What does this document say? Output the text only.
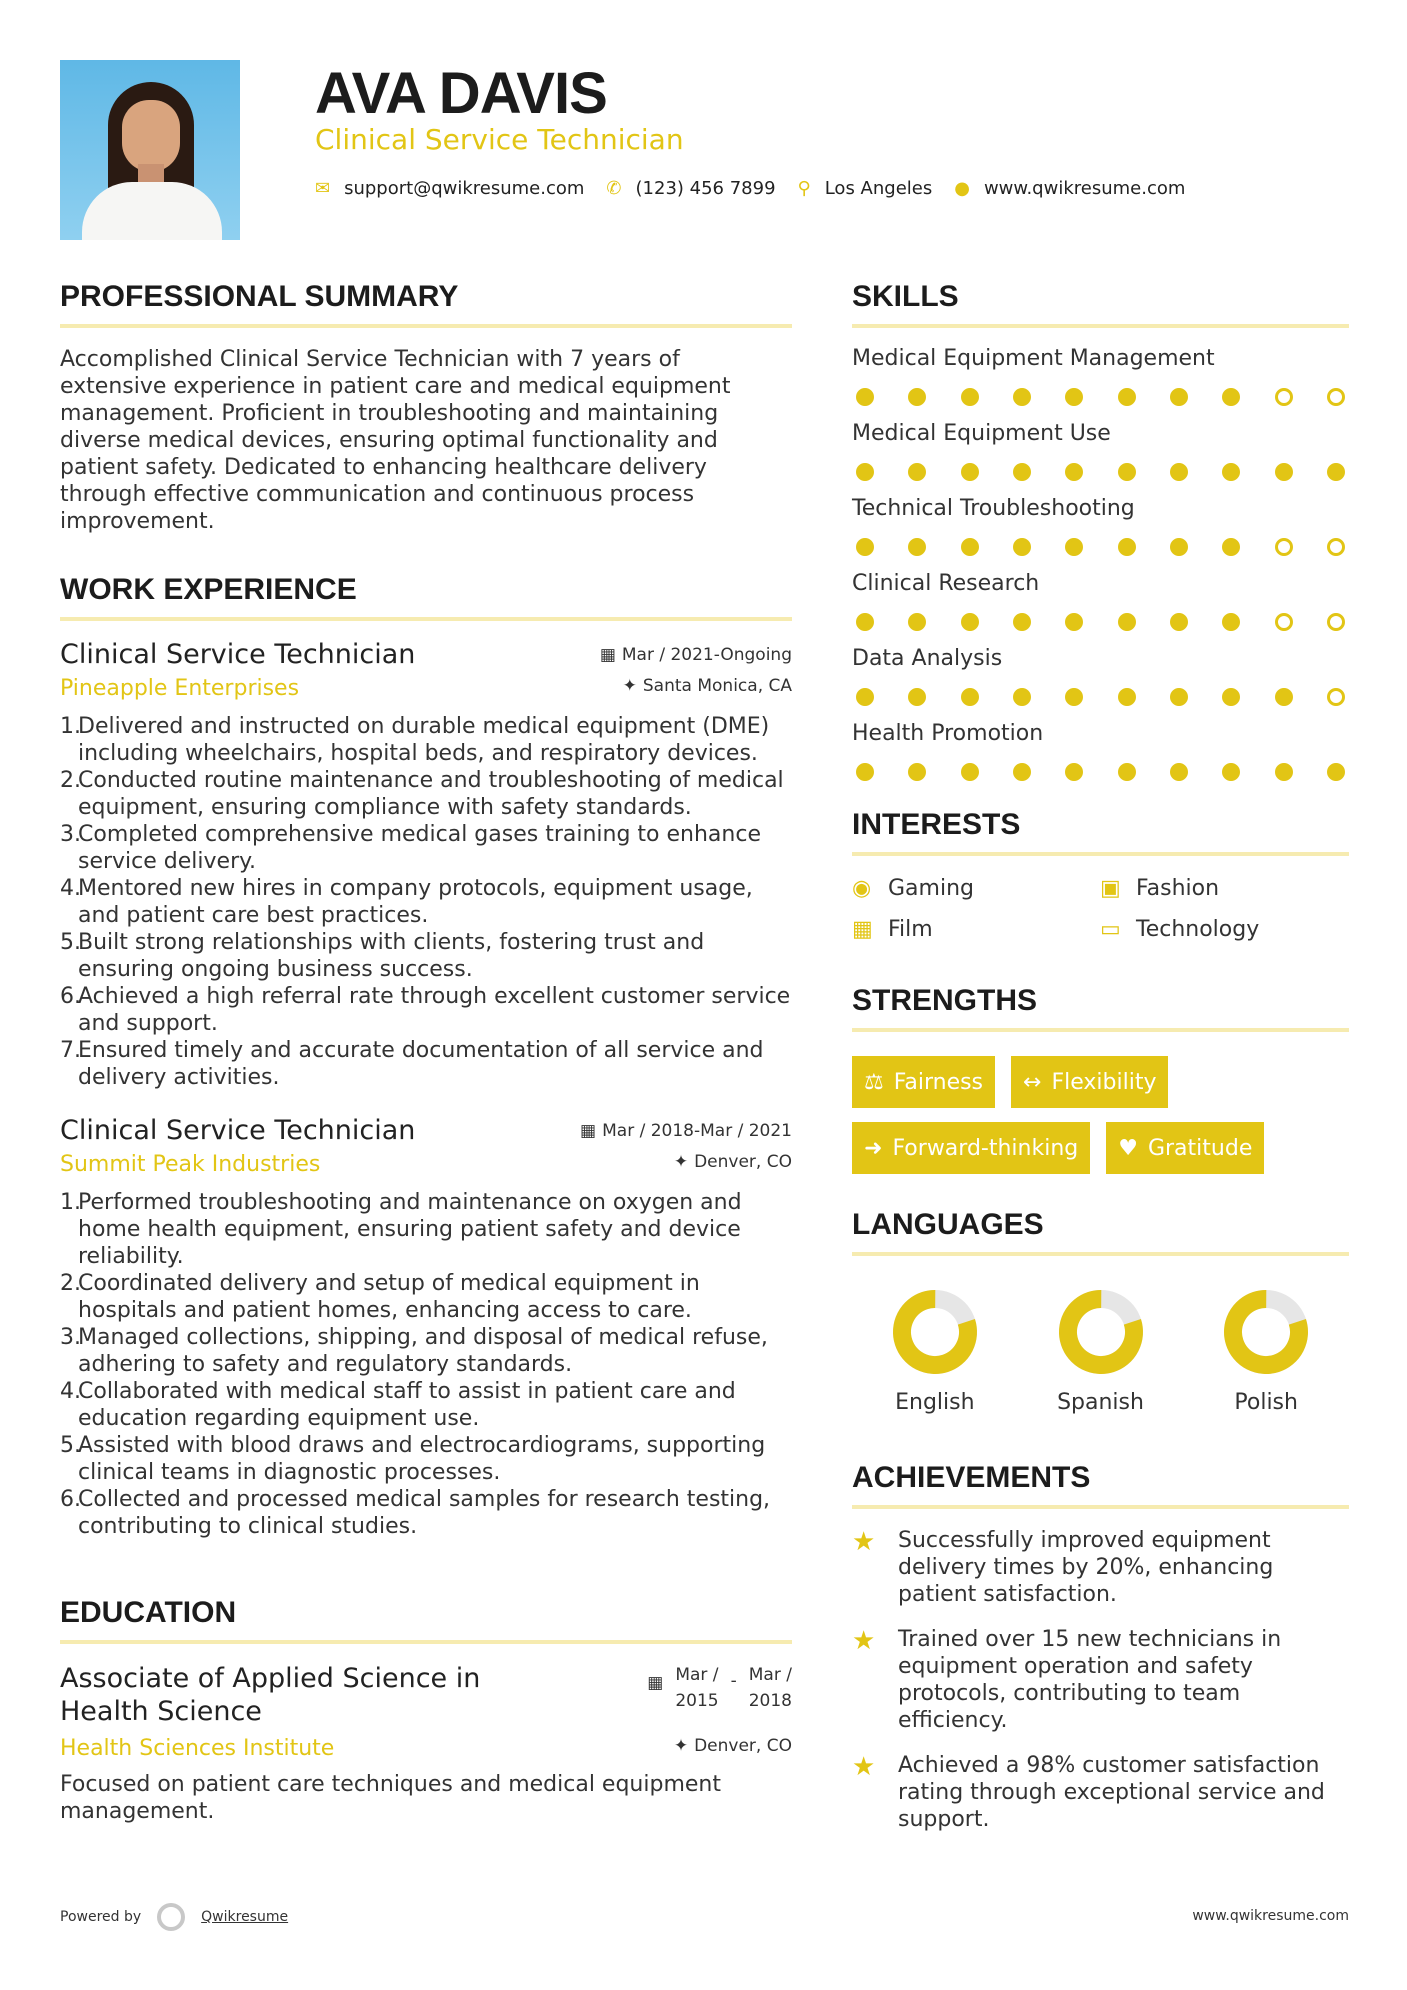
AVA DAVIS
Clinical Service Technician
✉ support@qwikresume.com ✆ (123) 456 7899 ⚲ Los Angeles ● www.qwikresume.com
PROFESSIONAL SUMMARY

Accomplished Clinical Service Technician with 7 years of extensive experience in patient care and medical equipment management. Proficient in troubleshooting and maintaining diverse medical devices, ensuring optimal functionality and patient safety. Dedicated to enhancing healthcare delivery through effective communication and continuous process improvement.

WORK EXPERIENCE
Clinical Service Technician	▦ Mar / 2021-Ongoing
Pineapple Enterprises	✦ Santa Monica, CA
1.
Delivered and instructed on durable medical equipment (DME) including wheelchairs, hospital beds, and respiratory devices.
2.
Conducted routine maintenance and troubleshooting of medical equipment, ensuring compliance with safety standards.
3.
Completed comprehensive medical gases training to enhance service delivery.
4.
Mentored new hires in company protocols, equipment usage, and patient care best practices.
5.
Built strong relationships with clients, fostering trust and ensuring ongoing business success.
6.
Achieved a high referral rate through excellent customer service and support.
7.
Ensured timely and accurate documentation of all service and delivery activities.
Clinical Service Technician	▦ Mar / 2018-Mar / 2021
Summit Peak Industries	✦ Denver, CO
1.
Performed troubleshooting and maintenance on oxygen and home health equipment, ensuring patient safety and device reliability.
2.
Coordinated delivery and setup of medical equipment in hospitals and patient homes, enhancing access to care.
3.
Managed collections, shipping, and disposal of medical refuse, adhering to safety and regulatory standards.
4.
Collaborated with medical staff to assist in patient care and education regarding equipment use.
5.
Assisted with blood draws and electrocardiograms, supporting clinical teams in diagnostic processes.
6.
Collected and processed medical samples for research testing, contributing to clinical studies.
EDUCATION
Associate of Applied Science in Health Science
▦ Mar /
2015
- Mar /
2018
Health Sciences Institute	✦ Denver, CO

Focused on patient care techniques and medical equipment management.

SKILLS
Medical Equipment Management
Medical Equipment Use
Technical Troubleshooting
Clinical Research
Data Analysis
Health Promotion
INTERESTS
◉ Gaming	▣ Fashion
▦ Film	▭ Technology
STRENGTHS
⚖ Fairness ↔ Flexibility
➜ Forward-thinking ♥ Gratitude
LANGUAGES
English	Spanish	Polish
ACHIEVEMENTS
★	Successfully improved equipment delivery times by 20%, enhancing patient satisfaction.
★	Trained over 15 new technicians in equipment operation and safety protocols, contributing to team efficiency.
★	Achieved a 98% customer satisfaction rating through exceptional service and support.
Powered by	Qwikresume	www.qwikresume.com
